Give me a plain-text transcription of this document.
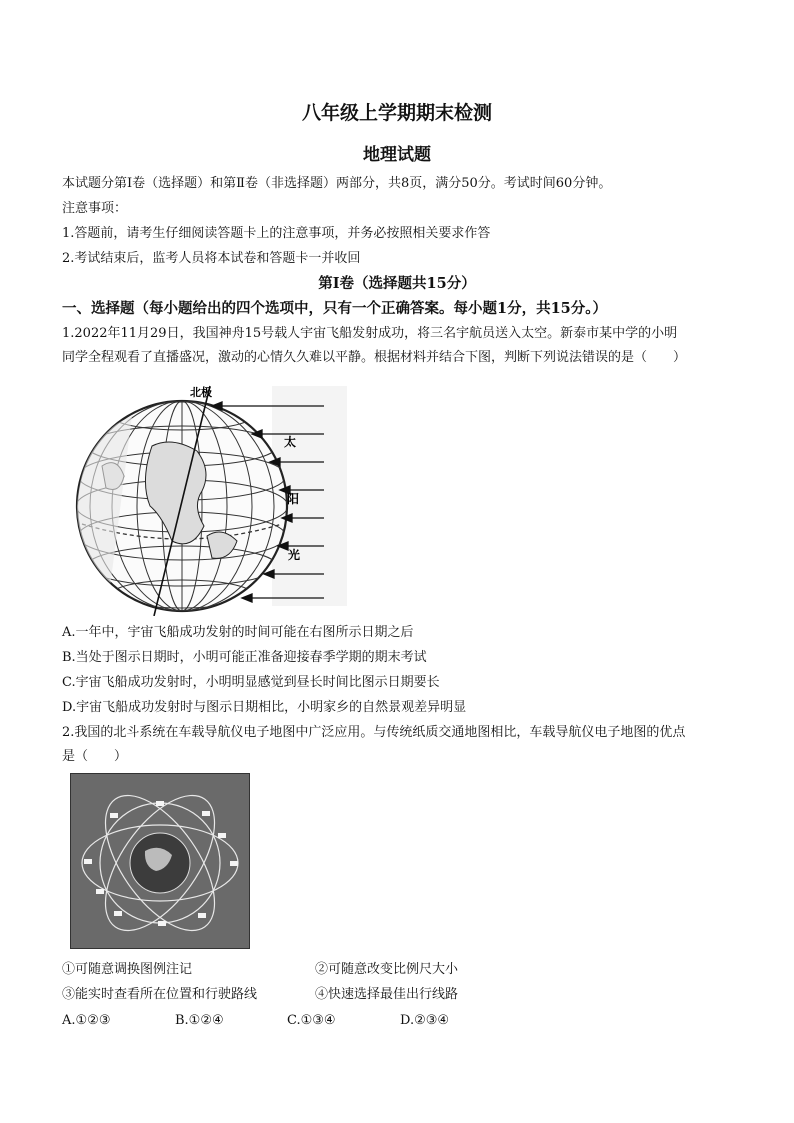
八年级上学期期末检测
地理试题
本试题分第Ⅰ卷（选择题）和第Ⅱ卷（非选择题）两部分，共8页，满分50分。考试时间60分钟。
注意事项：
1.答题前，请考生仔细阅读答题卡上的注意事项，并务必按照相关要求作答
2.考试结束后，监考人员将本试卷和答题卡一并收回
第Ⅰ卷（选择题共15分）
一、选择题（每小题给出的四个选项中，只有一个正确答案。每小题1分，共15分。）
1.2022年11月29日，我国神舟15号载人宇宙飞船发射成功，将三名宇航员送入太空。新泰市某中学的小明
同学全程观看了直播盛况，激动的心情久久难以平静。根据材料并结合下图，判断下列说法错误的是（　　）
北极
太
阳
光
A.一年中，宇宙飞船成功发射的时间可能在右图所示日期之后
B.当处于图示日期时，小明可能正准备迎接春季学期的期末考试
C.宇宙飞船成功发射时，小明明显感觉到昼长时间比图示日期要长
D.宇宙飞船成功发射时与图示日期相比，小明家乡的自然景观差异明显
2.我国的北斗系统在车载导航仪电子地图中广泛应用。与传统纸质交通地图相比，车载导航仪电子地图的优点
是（　　）
①可随意调换图例注记	②可随意改变比例尺大小
③能实时查看所在位置和行驶路线	④快速选择最佳出行线路
A.①②③	B.①②④	C.①③④	D.②③④
